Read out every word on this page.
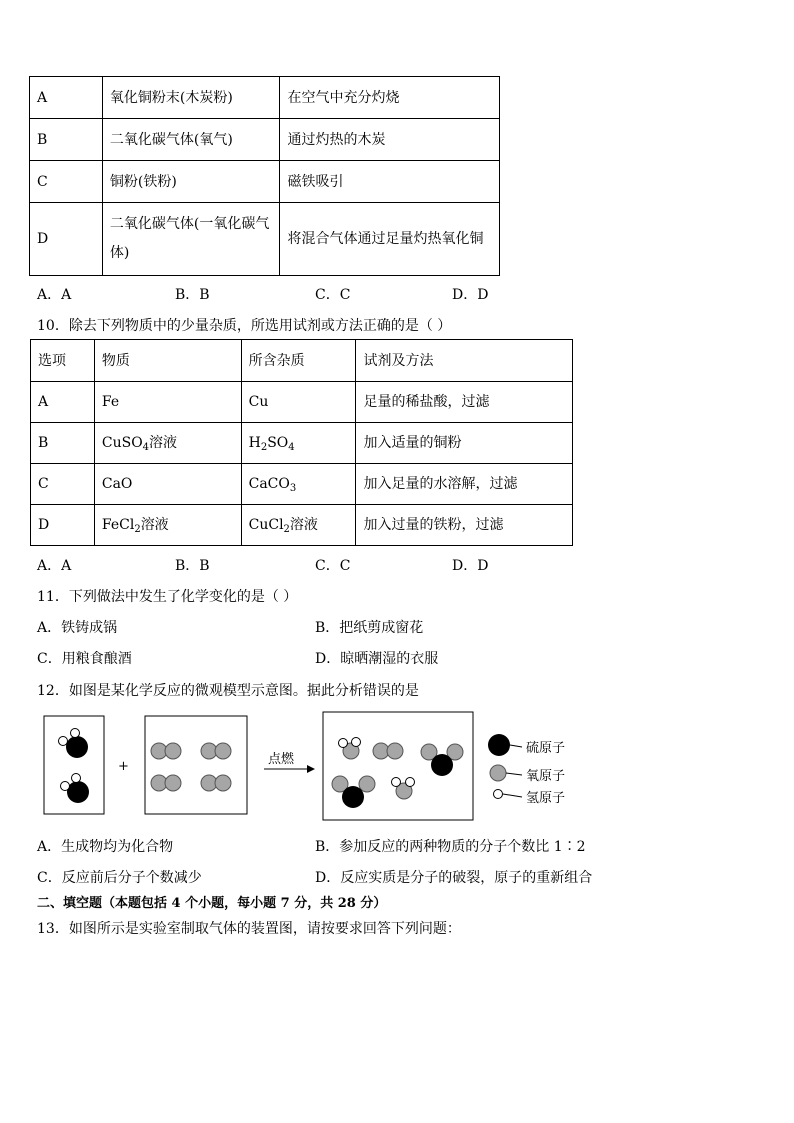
A	氧化铜粉末(木炭粉)	在空气中充分灼烧
B	二氧化碳气体(氧气)	通过灼热的木炭
C	铜粉(铁粉)	磁铁吸引
D	二氧化碳气体(一氧化碳气体)	将混合气体通过足量灼热氧化铜
A．A	B．B	C．C	D．D
10．除去下列物质中的少量杂质，所选用试剂或方法正确的是（ ）
选项	物质	所含杂质	试剂及方法
A	Fe	Cu	足量的稀盐酸，过滤
B	CuSO$_4$溶液	$H_2SO_4$	加入适量的铜粉
C	CaO	CaCO$_3$	加入足量的水溶解，过滤
D	FeCl$_2$溶液	CuCl$_2$溶液	加入过量的铁粉，过滤
A．A	B．B	C．C	D．D
11．下列做法中发生了化学变化的是（ ）
A．铁铸成锅	B．把纸剪成窗花
C．用粮食酿酒	D．晾晒潮湿的衣服
12．如图是某化学反应的微观模型示意图。据此分析错误的是
+	点燃
硫原子
氧原子
氢原子
A．生成物均为化合物	B．参加反应的两种物质的分子个数比 1∶2
C．反应前后分子个数减少	D．反应实质是分子的破裂，原子的重新组合
二、填空题（本题包括 4 个小题，每小题 7 分，共 28 分）
13．如图所示是实验室制取气体的装置图，请按要求回答下列问题：
